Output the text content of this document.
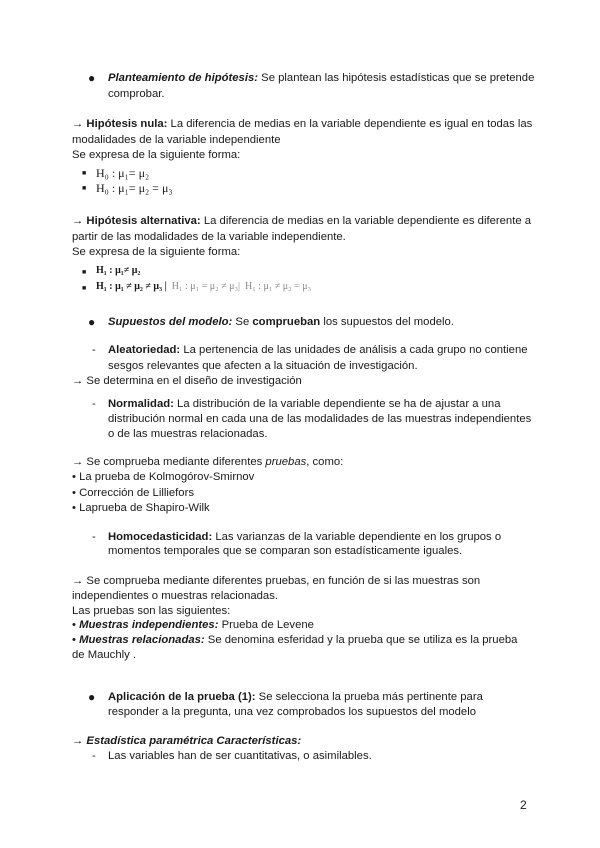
● Planteamiento de hipótesis: Se plantean las hipótesis estadísticas que se pretende
comprobar.
→ Hipótesis nula: La diferencia de medias en la variable dependiente es igual en todas las
modalidades de la variable independiente
Se expresa de la siguiente forma:
■ H₀ : μ₁= μ₂
■ H₀ : μ₁= μ₂ = μ₃
→ Hipótesis alternativa: La diferencia de medias en la variable dependiente es diferente a
partir de las modalidades de la variable independiente.
Se expresa de la siguiente forma:
■ H₁ : μ₁≠ μ₂
■ H₁ : μ₁ ≠ μ₂ ≠ μ₃ | H₁ : μ₁ = μ₂ ≠ μ₃| H₁ : μ₁ ≠ μ₂ = μ₃
● Supuestos del modelo: Se comprueban los supuestos del modelo.
- Aleatoriedad: La pertenencia de las unidades de análisis a cada grupo no contiene
sesgos relevantes que afecten a la situación de investigación.
→ Se determina en el diseño de investigación
- Normalidad: La distribución de la variable dependiente se ha de ajustar a una
distribución normal en cada una de las modalidades de las muestras independientes
o de las muestras relacionadas.
→ Se comprueba mediante diferentes pruebas, como:
• La prueba de Kolmogórov-Smirnov
• Corrección de Lilliefors
• Laprueba de Shapiro-Wilk
- Homocedasticidad: Las varianzas de la variable dependiente en los grupos o
momentos temporales que se comparan son estadísticamente iguales.
→ Se comprueba mediante diferentes pruebas, en función de si las muestras son
independientes o muestras relacionadas.
Las pruebas son las siguientes:
• Muestras independientes: Prueba de Levene
• Muestras relacionadas: Se denomina esferidad y la prueba que se utiliza es la prueba
de Mauchly .
● Aplicación de la prueba (1): Se selecciona la prueba más pertinente para
responder a la pregunta, una vez comprobados los supuestos del modelo
→ Estadística paramétrica Características:
- Las variables han de ser cuantitativas, o asimilables.
2
